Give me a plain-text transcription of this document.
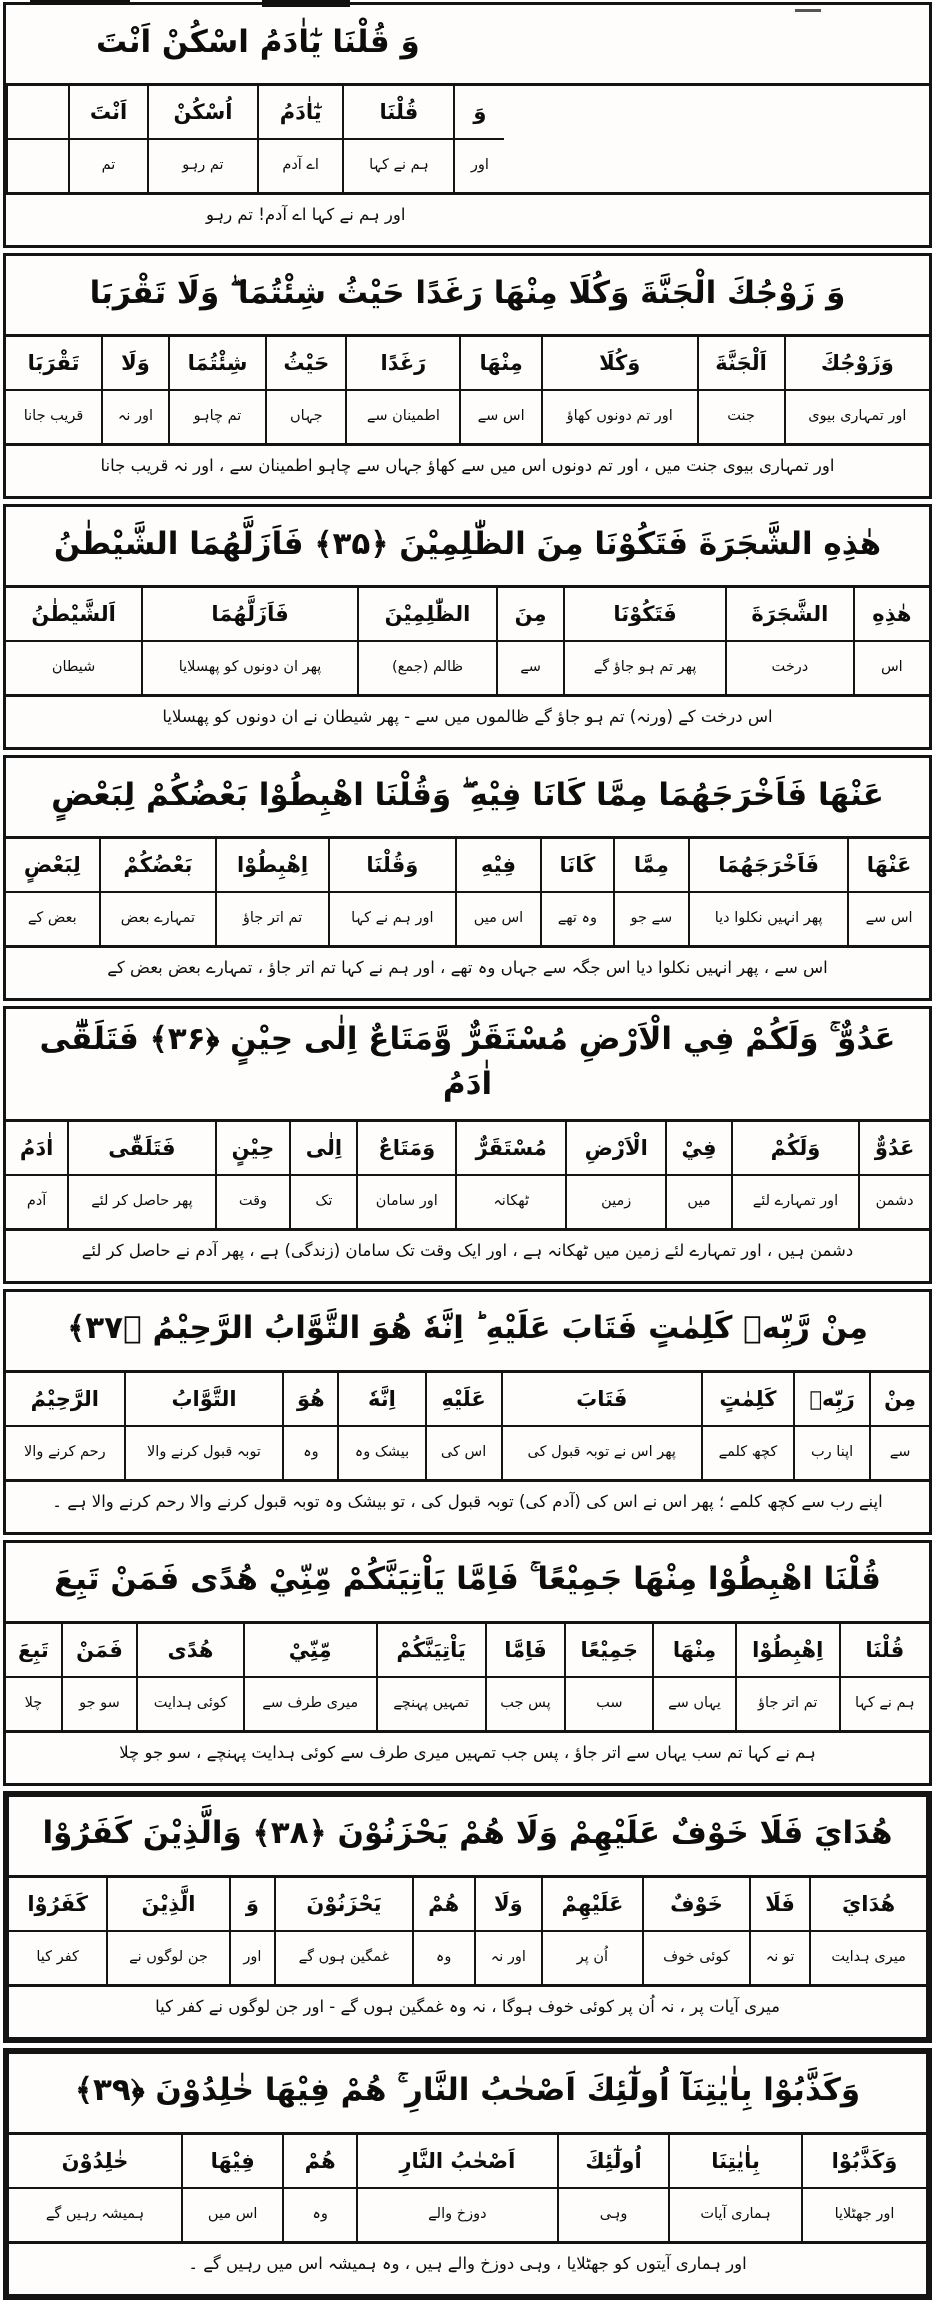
وَ قُلْنَا يٰٓاٰدَمُ اسْكُنْ اَنْتَ
وَ	قُلْنَا	يٰٓاٰدَمُ	اُسْكُنْ	اَنْتَ	
اور	ہم نے کہا	اے آدم	تم رہو	تم	
اور ہم نے کہا اے آدم! تم رہو
وَ زَوْجُكَ الْجَنَّةَ وَكُلَا مِنْهَا رَغَدًا حَيْثُ شِئْتُمَا ۖ وَلَا تَقْرَبَا
وَزَوْجُكَ	اَلْجَنَّةَ	وَكُلَا	مِنْهَا	رَغَدًا	حَيْثُ	شِئْتُمَا	وَلَا	تَقْرَبَا
اور تمہاری بیوی	جنت	اور تم دونوں کھاؤ	اس سے	اطمینان سے	جہاں	تم چاہو	اور نہ	قریب جانا
اور تمہاری بیوی جنت میں ، اور تم دونوں اس میں سے کھاؤ جہاں سے چاہو اطمینان سے ، اور نہ قریب جانا
هٰذِهِ الشَّجَرَةَ فَتَكُوْنَا مِنَ الظّٰلِمِيْنَ ﴿۳۵﴾ فَاَزَلَّهُمَا الشَّيْطٰنُ
هٰذِهِ	الشَّجَرَةَ	فَتَكُوْنَا	مِنَ	الظّٰلِمِيْنَ	فَاَزَلَّهُمَا	اَلشَّيْطٰنُ
اس	درخت	پھر تم ہو جاؤ گے	سے	ظالم (جمع)	پھر ان دونوں کو پھسلایا	شیطان
اس درخت کے (ورنہ) تم ہو جاؤ گے ظالموں میں سے - پھر شیطان نے ان دونوں کو پھسلایا
عَنْهَا فَاَخْرَجَهُمَا مِمَّا كَانَا فِيْهِ ۖ وَقُلْنَا اهْبِطُوْا بَعْضُكُمْ لِبَعْضٍ
عَنْهَا	فَاَخْرَجَهُمَا	مِمَّا	كَانَا	فِيْهِ	وَقُلْنَا	اِهْبِطُوْا	بَعْضُكُمْ	لِبَعْضٍ
اس سے	پھر انہیں نکلوا دیا	سے جو	وہ تھے	اس میں	اور ہم نے کہا	تم اتر جاؤ	تمہارے بعض	بعض کے
اس سے ، پھر انہیں نکلوا دیا اس جگہ سے جہاں وہ تھے ، اور ہم نے کہا تم اتر جاؤ ، تمہارے بعض بعض کے
عَدُوٌّ ۚ وَلَكُمْ فِي الْاَرْضِ مُسْتَقَرٌّ وَّمَتَاعٌ اِلٰى حِيْنٍ ﴿۳۶﴾ فَتَلَقّٰٓى اٰدَمُ
عَدُوٌّ	وَلَكُمْ	فِيْ	الْاَرْضِ	مُسْتَقَرٌّ	وَمَتَاعٌ	اِلٰى	حِيْنٍ	فَتَلَقّٰى	اٰدَمُ
دشمن	اور تمہارے لئے	میں	زمین	ٹھکانہ	اور سامان	تک	وقت	پھر حاصل کر لئے	آدم
دشمن ہیں ، اور تمہارے لئے زمین میں ٹھکانہ ہے ، اور ایک وقت تک سامان (زندگی) ہے ، پھر آدم نے حاصل کر لئے
مِنْ رَّبِّهٖ كَلِمٰتٍ فَتَابَ عَلَيْهِ ؕ اِنَّهٗ هُوَ التَّوَّابُ الرَّحِيْمُ ﴿۳۷﴾
مِنْ	رَبِّهٖ	كَلِمٰتٍ	فَتَابَ	عَلَيْهِ	اِنَّهٗ	هُوَ	التَّوَّابُ	الرَّحِيْمُ
سے	اپنا رب	کچھ کلمے	پھر اس نے توبہ قبول کی	اس کی	بیشک وہ	وہ	توبہ قبول کرنے والا	رحم کرنے والا
اپنے رب سے کچھ کلمے ؛ پھر اس نے اس کی (آدم کی) توبہ قبول کی ، تو بیشک وہ توبہ قبول کرنے والا رحم کرنے والا ہے ۔
قُلْنَا اهْبِطُوْا مِنْهَا جَمِيْعًا ۚ فَاِمَّا يَاْتِيَنَّكُمْ مِّنِّيْ هُدًى فَمَنْ تَبِعَ
قُلْنَا	اِهْبِطُوْا	مِنْهَا	جَمِيْعًا	فَاِمَّا	يَاْتِيَنَّكُمْ	مِّنِّيْ	هُدًى	فَمَنْ	تَبِعَ
ہم نے کہا	تم اتر جاؤ	یہاں سے	سب	پس جب	تمہیں پہنچے	میری طرف سے	کوئی ہدایت	سو جو	چلا
ہم نے کہا تم سب یہاں سے اتر جاؤ ، پس جب تمہیں میری طرف سے کوئی ہدایت پہنچے ، سو جو چلا
هُدَايَ فَلَا خَوْفٌ عَلَيْهِمْ وَلَا هُمْ يَحْزَنُوْنَ ﴿۳۸﴾ وَالَّذِيْنَ كَفَرُوْا
هُدَايَ	فَلَا	خَوْفٌ	عَلَيْهِمْ	وَلَا	هُمْ	يَحْزَنُوْنَ	وَ	الَّذِيْنَ	كَفَرُوْا
میری ہدایت	تو نہ	کوئی خوف	اُن پر	اور نہ	وہ	غمگین ہوں گے	اور	جن لوگوں نے	کفر کیا
میری آیات پر ، نہ اُن پر کوئی خوف ہوگا ، نہ وہ غمگین ہوں گے - اور جن لوگوں نے کفر کیا
وَكَذَّبُوْا بِاٰيٰتِنَآ اُولٰٓئِكَ اَصْحٰبُ النَّارِ ۚ هُمْ فِيْهَا خٰلِدُوْنَ ﴿۳۹﴾
وَكَذَّبُوْا	بِاٰيٰتِنَا	اُولٰٓئِكَ	اَصْحٰبُ النَّارِ	هُمْ	فِيْهَا	خٰلِدُوْنَ
اور جھٹلایا	ہماری آیات	وہی	دوزخ والے	وہ	اس میں	ہمیشہ رہیں گے
اور ہماری آیتوں کو جھٹلایا ، وہی دوزخ والے ہیں ، وہ ہمیشہ اس میں رہیں گے ۔
